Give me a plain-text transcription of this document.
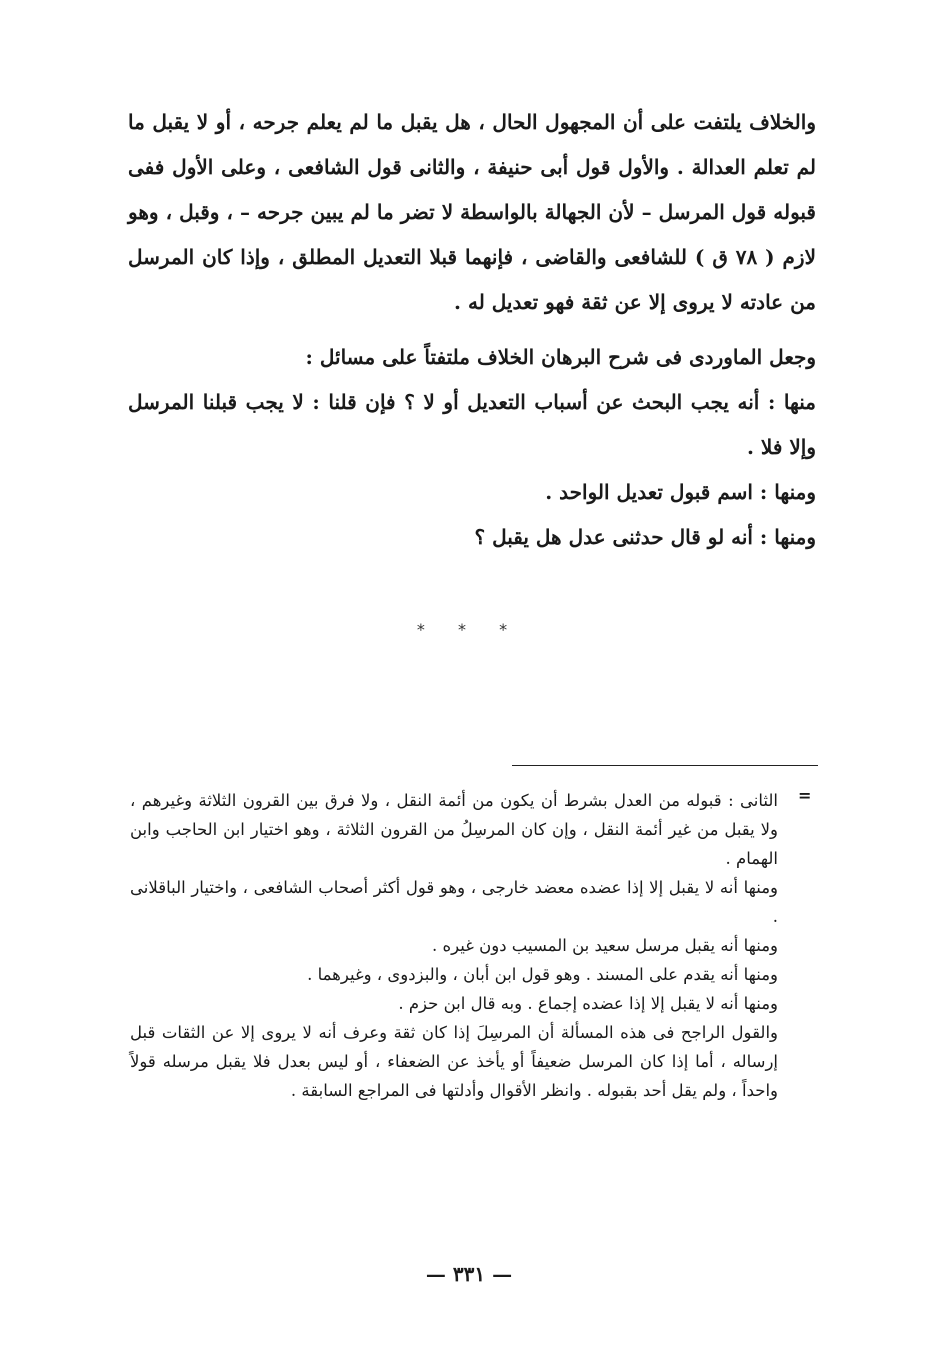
والخلاف يلتفت على أن المجهول الحال ، هل يقبل ما لم يعلم جرحه ، أو لا يقبل ما لم تعلم العدالة . والأول قول أبى حنيفة ، والثانى قول الشافعى ، وعلى الأول ففى قبوله قول المرسل – لأن الجهالة بالواسطة لا تضر ما لم يبين جرحه – ، وقبل ، وهو لازم ( ٧٨ ق ) للشافعى والقاضى ، فإنهما قبلا التعديل المطلق ، وإذا كان المرسل من عادته لا يروى إلا عن ثقة فهو تعديل له .

وجعل الماوردى فى شرح البرهان الخلاف ملتفتاً على مسائل :

منها : أنه يجب البحث عن أسباب التعديل أو لا ؟ فإن قلنا : لا يجب قبلنا المرسل وإلا فلا .

ومنها : اسم قبول تعديل الواحد .

ومنها : أنه لو قال حدثنى عدل هل يقبل ؟

* * *
=

الثانى : قبوله من العدل بشرط أن يكون من أئمة النقل ، ولا فرق بين القرون الثلاثة وغيرهم ، ولا يقبل من غير أئمة النقل ، وإن كان المرسِلُ من القرون الثلاثة ، وهو اختيار ابن الحاجب وابن الهمام .

ومنها أنه لا يقبل إلا إذا عضده معضد خارجى ، وهو قول أكثر أصحاب الشافعى ، واختيار الباقلانى .

ومنها أنه يقبل مرسل سعيد بن المسيب دون غيره .

ومنها أنه يقدم على المسند . وهو قول ابن أبان ، والبزدوى ، وغيرهما .

ومنها أنه لا يقبل إلا إذا عضده إجماع . وبه قال ابن حزم .

والقول الراجح فى هذه المسألة أن المرسِلَ إذا كان ثقة وعرف أنه لا يروى إلا عن الثقات قبل إرساله ، أما إذا كان المرسل ضعيفاً أو يأخذ عن الضعفاء ، أو ليس بعدل فلا يقبل مرسله قولاً واحداً ، ولم يقل أحد بقبوله . وانظر الأقوال وأدلتها فى المراجع السابقة .

— ٣٣١ —
